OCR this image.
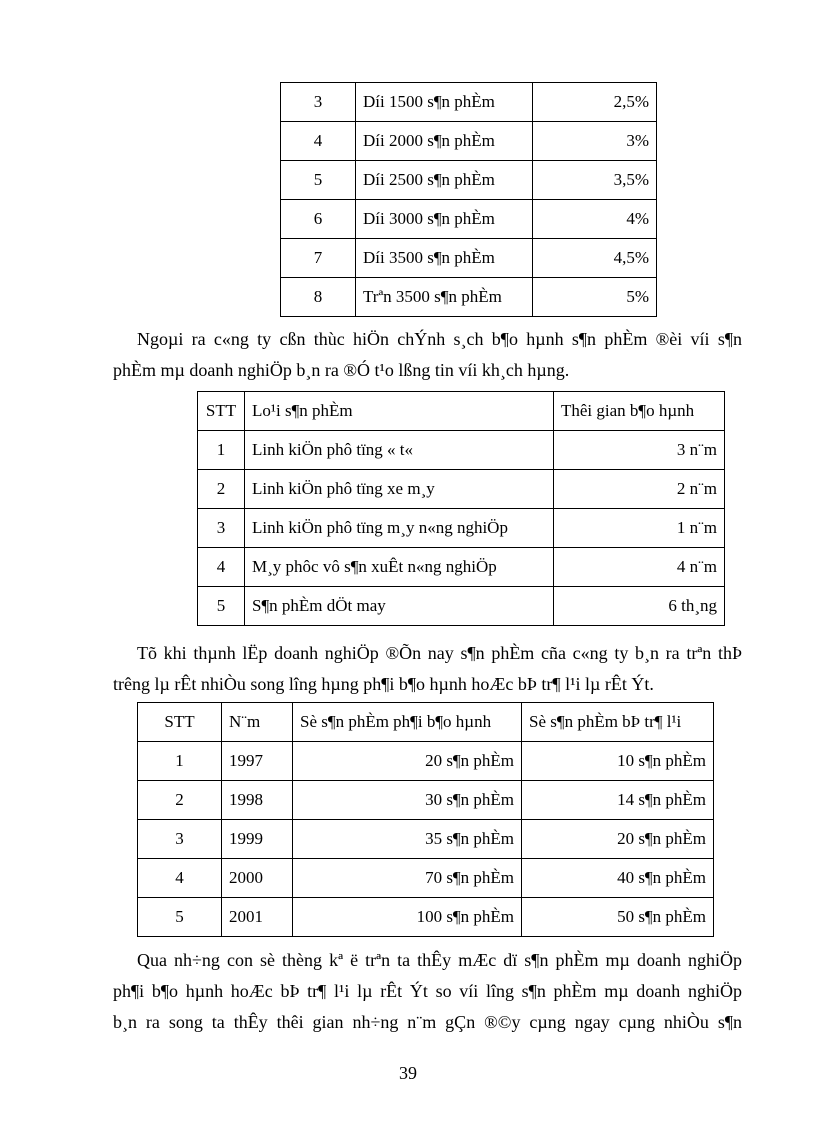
3	Díi 1500 s¶n phÈm	2,5%
4	Díi 2000 s¶n phÈm	3%
5	Díi 2500 s¶n phÈm	3,5%
6	Díi 3000 s¶n phÈm	4%
7	Díi 3500 s¶n phÈm	4,5%
8	Trªn 3500 s¶n phÈm	5%

Ngoµi ra c«ng ty cßn thùc hiÖn chÝnh s¸ch b¶o hµnh s¶n phÈm ®èi víi s¶n
phÈm mµ doanh nghiÖp b¸n ra ®Ó t¹o lßng tin víi kh¸ch hµng.

STT	Lo¹i s¶n phÈm	Thêi gian b¶o hµnh
1	Linh kiÖn phô tïng « t«	3 n¨m
2	Linh kiÖn phô tïng xe m¸y	2 n¨m
3	Linh kiÖn phô tïng m¸y n«ng nghiÖp	1 n¨m
4	M¸y phôc vô s¶n xuÊt n«ng nghiÖp	4 n¨m
5	S¶n phÈm dÖt may	6 th¸ng

Tõ khi thµnh lËp doanh nghiÖp ®Õn nay s¶n phÈm cña c«ng ty b¸n ra trªn thÞ
trêng lµ rÊt nhiÒu song lîng hµng ph¶i b¶o hµnh hoÆc bÞ tr¶ l¹i lµ rÊt Ýt.

STT	N¨m	Sè s¶n phÈm ph¶i b¶o hµnh	Sè s¶n phÈm bÞ tr¶ l¹i
1	1997	20 s¶n phÈm	10 s¶n phÈm
2	1998	30 s¶n phÈm	14 s¶n phÈm
3	1999	35 s¶n phÈm	20 s¶n phÈm
4	2000	70 s¶n phÈm	40 s¶n phÈm
5	2001	100 s¶n phÈm	50 s¶n phÈm

Qua nh÷ng con sè thèng kª ë trªn ta thÊy mÆc dï s¶n phÈm mµ doanh nghiÖp
ph¶i b¶o hµnh hoÆc bÞ tr¶ l¹i lµ rÊt Ýt so víi lîng s¶n phÈm mµ doanh nghiÖp
b¸n ra song ta thÊy thêi gian nh÷ng n¨m gÇn ®©y cµng ngay cµng nhiÒu s¶n

39
